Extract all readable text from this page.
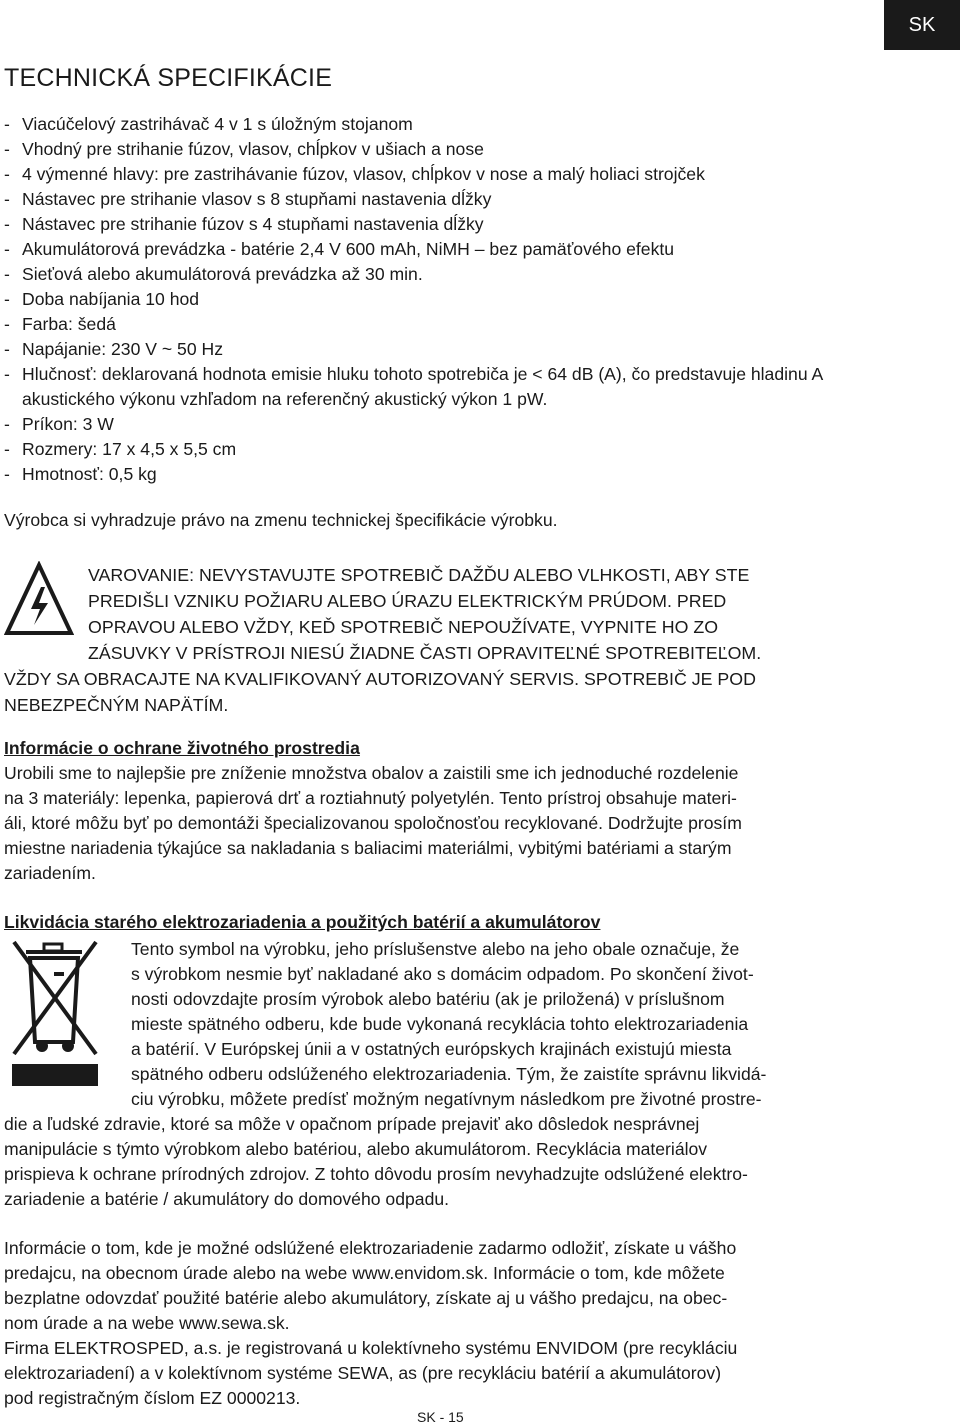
SK
TECHNICKÁ SPECIFIKÁCIE
- Viacúčelový zastrihávač 4 v 1 s úložným stojanom
- Vhodný pre strihanie fúzov, vlasov, chĺpkov v ušiach a nose
- 4 výmenné hlavy: pre zastrihávanie fúzov, vlasov, chĺpkov v nose a malý holiaci strojček
- Nástavec pre strihanie vlasov s 8 stupňami nastavenia dĺžky
- Nástavec pre strihanie fúzov s 4 stupňami nastavenia dĺžky
- Akumulátorová prevádzka - batérie 2,4 V 600 mAh, NiMH – bez pamäťového efektu
- Sieťová alebo akumulátorová prevádzka až 30 min.
- Doba nabíjania 10 hod
- Farba: šedá
- Napájanie: 230 V ~ 50 Hz
- Hlučnosť: deklarovaná hodnota emisie hluku tohoto spotrebiča je < 64 dB (A), čo predstavuje hladinu A akustického výkonu vzhľadom na referenčný akustický výkon 1 pW.
- Príkon: 3 W
- Rozmery: 17 x 4,5 x 5,5 cm
- Hmotnosť: 0,5 kg
Výrobca si vyhradzuje právo na zmenu technickej špecifikácie výrobku.
VAROVANIE: NEVYSTAVUJTE SPOTREBIČ DAŽĎU ALEBO VLHKOSTI, ABY STE
PREDIŠLI VZNIKU POŽIARU ALEBO ÚRAZU ELEKTRICKÝM PRÚDOM. PRED
OPRAVOU ALEBO VŽDY, KEĎ SPOTREBIČ NEPOUŽÍVATE, VYPNITE HO ZO
ZÁSUVKY V PRÍSTROJI NIESÚ ŽIADNE ČASTI OPRAVITEĽNÉ SPOTREBITEĽOM.
VŽDY SA OBRACAJTE NA KVALIFIKOVANÝ AUTORIZOVANÝ SERVIS. SPOTREBIČ JE POD
NEBEZPEČNÝM NAPÄTÍM.
Informácie o ochrane životného prostredia
Urobili sme to najlepšie pre zníženie množstva obalov a zaistili sme ich jednoduché rozdelenie
na 3 materiály: lepenka, papierová drť a roztiahnutý polyetylén. Tento prístroj obsahuje materi-
áli, ktoré môžu byť po demontáži špecializovanou spoločnosťou recyklované. Dodržujte prosím
miestne nariadenia týkajúce sa nakladania s baliacimi materiálmi, vybitými batériami a starým
zariadením.
Likvidácia starého elektrozariadenia a použitých batérií a akumulátorov
Tento symbol na výrobku, jeho príslušenstve alebo na jeho obale označuje, že
s výrobkom nesmie byť nakladané ako s domácim odpadom. Po skončení život-
nosti odovzdajte prosím výrobok alebo batériu (ak je priložená) v príslušnom
mieste spätného odberu, kde bude vykonaná recyklácia tohto elektrozariadenia
a batérií. V Európskej únii a v ostatných európskych krajinách existujú miesta
spätného odberu odslúženého elektrozariadenia. Tým, že zaistíte správnu likvidá-
ciu výrobku, môžete predísť možným negatívnym následkom pre životné prostre-
die a ľudské zdravie, ktoré sa môže v opačnom prípade prejaviť ako dôsledok nesprávnej
manipulácie s týmto výrobkom alebo batériou, alebo akumulátorom. Recyklácia materiálov
prispieva k ochrane prírodných zdrojov. Z tohto dôvodu prosím nevyhadzujte odslúžené elektro-
zariadenie a batérie / akumulátory do domového odpadu.
Informácie o tom, kde je možné odslúžené elektrozariadenie zadarmo odložiť, získate u vášho
predajcu, na obecnom úrade alebo na webe www.envidom.sk. Informácie o tom, kde môžete
bezplatne odovzdať použité batérie alebo akumulátory, získate aj u vášho predajcu, na obec-
nom úrade a na webe www.sewa.sk.
Firma ELEKTROSPED, a.s. je registrovaná u kolektívneho systému ENVIDOM (pre recykláciu
elektrozariadení) a v kolektívnom systéme SEWA, as (pre recykláciu batérií a akumulátorov)
pod registračným číslom EZ 0000213.
SK - 15
